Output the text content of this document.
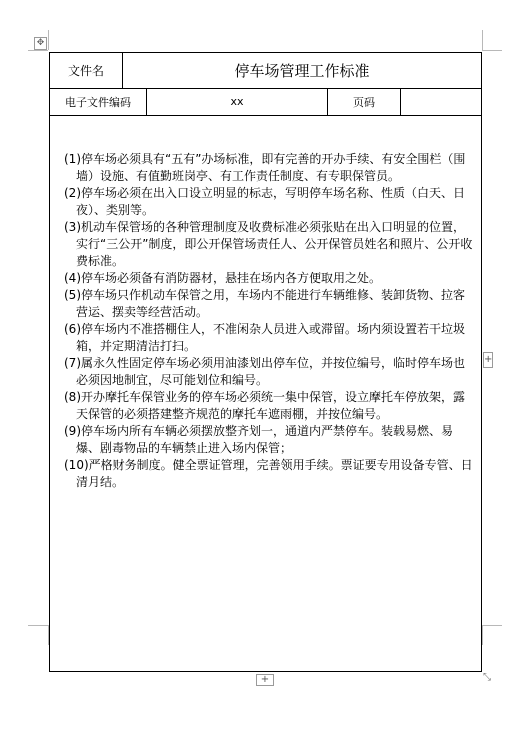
✥
文件名	停车场管理工作标准
电子文件编码	xx	页码

(1)停车场必须具有“五有”办场标准，即有完善的开办手续、有安全围栏（围墙）设施、有值勤班岗亭、有工作责任制度、有专职保管员。

(2)停车场必须在出入口设立明显的标志，写明停车场名称、性质（白天、日夜）、类别等。

(3)机动车保管场的各种管理制度及收费标准必须张贴在出入口明显的位置，实行“三公开”制度，即公开保管场责任人、公开保管员姓名和照片、公开收费标准。

(4)停车场必须备有消防器材，悬挂在场内各方便取用之处。

(5)停车场只作机动车保管之用，车场内不能进行车辆维修、装卸货物、拉客营运、摆卖等经营活动。

(6)停车场内不准搭棚住人，不准闲杂人员进入或滞留。场内须设置若干垃圾箱，并定期清洁打扫。

(7)属永久性固定停车场必须用油漆划出停车位，并按位编号，临时停车场也必须因地制宜，尽可能划位和编号。

(8)开办摩托车保管业务的停车场必须统一集中保管，设立摩托车停放架，露天保管的必须搭建整齐规范的摩托车遮雨棚，并按位编号。

(9)停车场内所有车辆必须摆放整齐划一，通道内严禁停车。装载易燃、易爆、剧毒物品的车辆禁止进入场内保管；

(10)严格财务制度。健全票证管理，完善领用手续。票证要专用设备专管、日清月结。

+
+	⤡
